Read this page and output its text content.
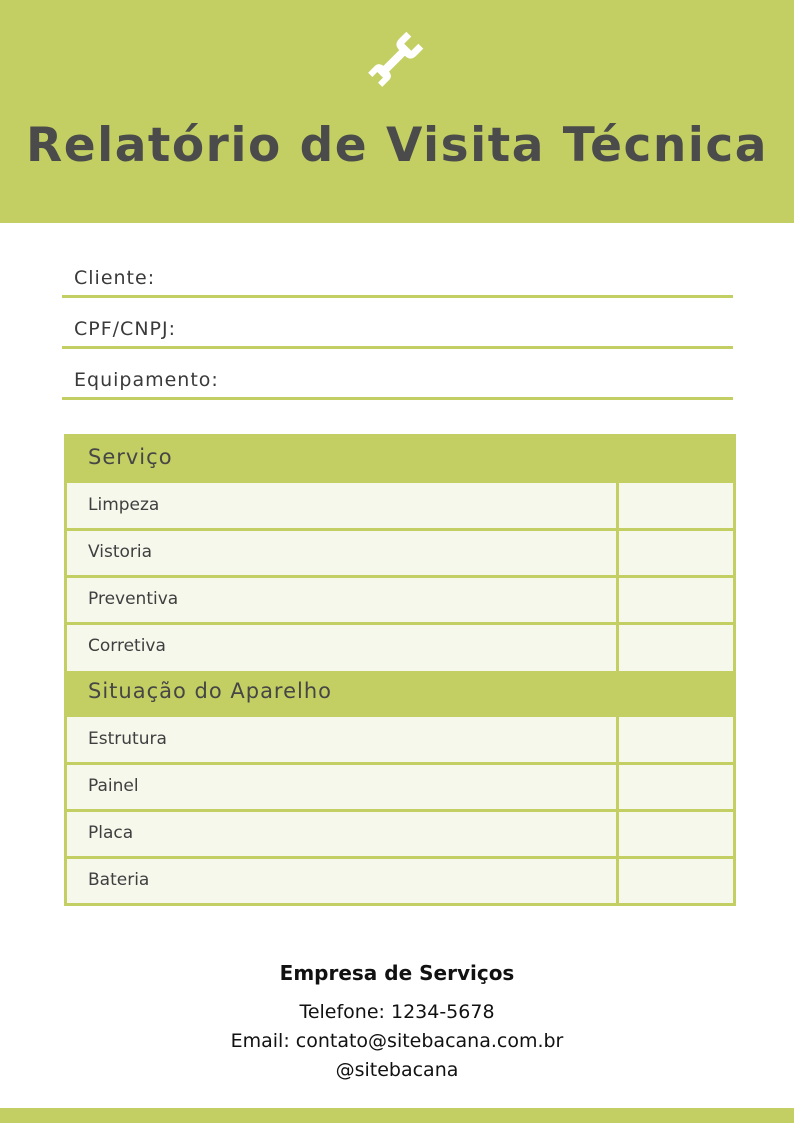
Relatório de Visita Técnica
Cliente:
CPF/CNPJ:
Equipamento:
Serviço
Limpeza
Vistoria
Preventiva
Corretiva
Situação do Aparelho
Estrutura
Painel
Placa
Bateria
Empresa de Serviços
Telefone: 1234-5678
Email: contato@sitebacana.com.br
@sitebacana
